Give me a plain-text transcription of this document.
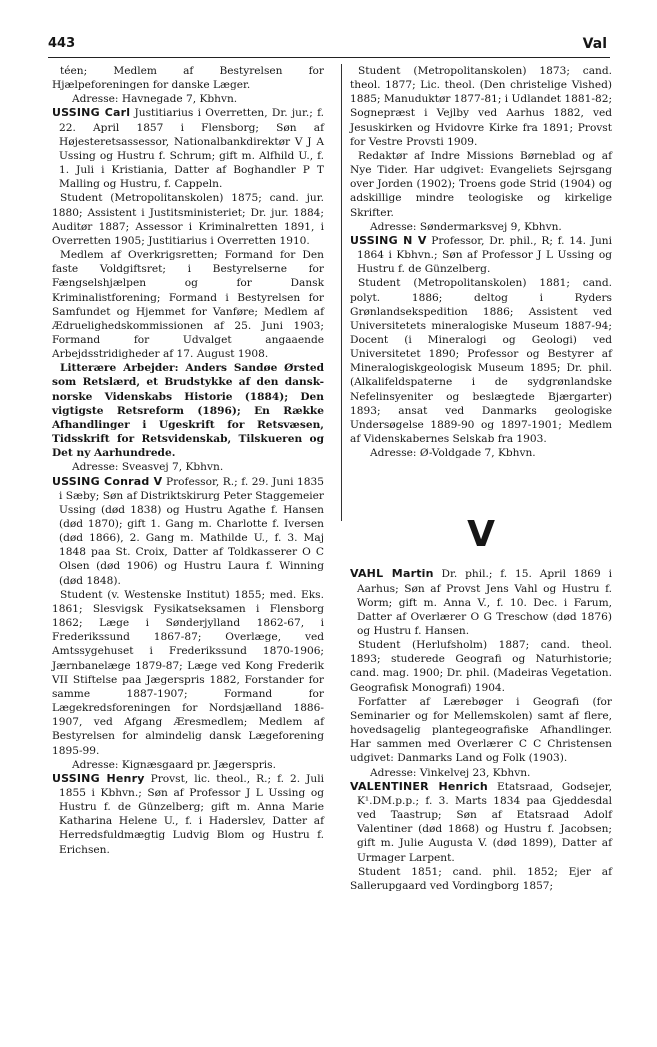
443	Val

téen; Medlem af Bestyrelsen for Hjælpeforeningen for danske Læger.

Adresse: Havnegade 7, Kbhvn.

USSING Carl Justitiarius i Overretten, Dr. jur.; f. 22. April 1857 i Flensborg; Søn af Højesteretsassessor, Nationalbankdirektør V J A Ussing og Hustru f. Schrum; gift m. Alfhild U., f. 1. Juli i Kristiania, Datter af Boghandler P T Malling og Hustru, f. Cappeln.

Student (Metropolitanskolen) 1875; cand. jur. 1880; Assistent i Justitsministeriet; Dr. jur. 1884; Auditør 1887; Assessor i Kriminalretten 1891, i Overretten 1905; Justitiarius i Overretten 1910.

Medlem af Overkrigsretten; Formand for Den faste Voldgiftsret; i Bestyrelserne for Fængselshjælpen og for Dansk Kriminalistforening; Formand i Bestyrelsen for Samfundet og Hjemmet for Vanføre; Medlem af Ædruelighedskommissionen af 25. Juni 1903; Formand for Udvalget angaaende Arbejdsstridigheder af 17. August 1908.

Litterære Arbejder: Anders Sandøe Ørsted som Retslærd, et Brudstykke af den dansk-norske Videnskabs Historie (1884); Den vigtigste Retsreform (1896); En Række Afhandlinger i Ugeskrift for Retsvæsen, Tidsskrift for Retsvidenskab, Tilskueren og Det ny Aarhundrede.

Adresse: Sveasvej 7, Kbhvn.

USSING Conrad V Professor, R.; f. 29. Juni 1835 i Sæby; Søn af Distriktskirurg Peter Staggemeier Ussing (død 1838) og Hustru Agathe f. Hansen (død 1870); gift 1. Gang m. Charlotte f. Iversen (død 1866), 2. Gang m. Mathilde U., f. 3. Maj 1848 paa St. Croix, Datter af Toldkasserer O C Olsen (død 1906) og Hustru Laura f. Winning (død 1848).

Student (v. Westenske Institut) 1855; med. Eks. 1861; Slesvigsk Fysikatseksamen i Flensborg 1862; Læge i Sønderjylland 1862-67, i Frederikssund 1867-87; Overlæge, ved Amtssygehuset i Frederikssund 1870-1906; Jærnbanelæge 1879-87; Læge ved Kong Frederik VII Stiftelse paa Jægerspris 1882, Forstander for samme 1887-1907; Formand for Lægekredsforeningen for Nordsjælland 1886-1907, ved Afgang Æresmedlem; Medlem af Bestyrelsen for almindelig dansk Lægeforening 1895-99.

Adresse: Kignæsgaard pr. Jægerspris.

USSING Henry Provst, lic. theol., R.; f. 2. Juli 1855 i Kbhvn.; Søn af Professor J L Ussing og Hustru f. de Günzelberg; gift m. Anna Marie Katharina Helene U., f. i Haderslev, Datter af Herredsfuldmægtig Ludvig Blom og Hustru f. Erichsen.

Student (Metropolitanskolen) 1873; cand. theol. 1877; Lic. theol. (Den christelige Vished) 1885; Manuduktør 1877-81; i Udlandet 1881-82; Sognepræst i Vejlby ved Aarhus 1882, ved Jesuskirken og Hvidovre Kirke fra 1891; Provst for Vestre Provsti 1909.

Redaktør af Indre Missions Børneblad og af Nye Tider. Har udgivet: Evangeliets Sejrsgang over Jorden (1902); Troens gode Strid (1904) og adskillige mindre teologiske og kirkelige Skrifter.

Adresse: Søndermarksvej 9, Kbhvn.

USSING N V Professor, Dr. phil., R; f. 14. Juni 1864 i Kbhvn.; Søn af Professor J L Ussing og Hustru f. de Günzelberg.

Student (Metropolitanskolen) 1881; cand. polyt. 1886; deltog i Ryders Grønlandsekspedition 1886; Assistent ved Universitetets mineralogiske Museum 1887-94; Docent (i Mineralogi og Geologi) ved Universitetet 1890; Professor og Bestyrer af Mineralogiskgeologisk Museum 1895; Dr. phil. (Alkalifeldspaterne i de sydgrønlandske Nefelinsyeniter og beslægtede Bjærgarter) 1893; ansat ved Danmarks geologiske Undersøgelse 1889-90 og 1897-1901; Medlem af Videnskabernes Selskab fra 1903.

Adresse: Ø-Voldgade 7, Kbhvn.

V

VAHL Martin Dr. phil.; f. 15. April 1869 i Aarhus; Søn af Provst Jens Vahl og Hustru f. Worm; gift m. Anna V., f. 10. Dec. i Farum, Datter af Overlærer O G Treschow (død 1876) og Hustru f. Hansen.

Student (Herlufsholm) 1887; cand. theol. 1893; studerede Geografi og Naturhistorie; cand. mag. 1900; Dr. phil. (Madeiras Vegetation. Geografisk Monografi) 1904.

Forfatter af Lærebøger i Geografi (for Seminarier og for Mellemskolen) samt af flere, hovedsagelig plantegeografiske Afhandlinger. Har sammen med Overlærer C C Christensen udgivet: Danmarks Land og Folk (1903).

Adresse: Vinkelvej 23, Kbhvn.

VALENTINER Henrich Etatsraad, Godsejer, K¹.DM.p.p.; f. 3. Marts 1834 paa Gjeddesdal ved Taastrup; Søn af Etatsraad Adolf Valentiner (død 1868) og Hustru f. Jacobsen; gift m. Julie Augusta V. (død 1899), Datter af Urmager Larpent.

Student 1851; cand. phil. 1852; Ejer af Sallerupgaard ved Vordingborg 1857;
